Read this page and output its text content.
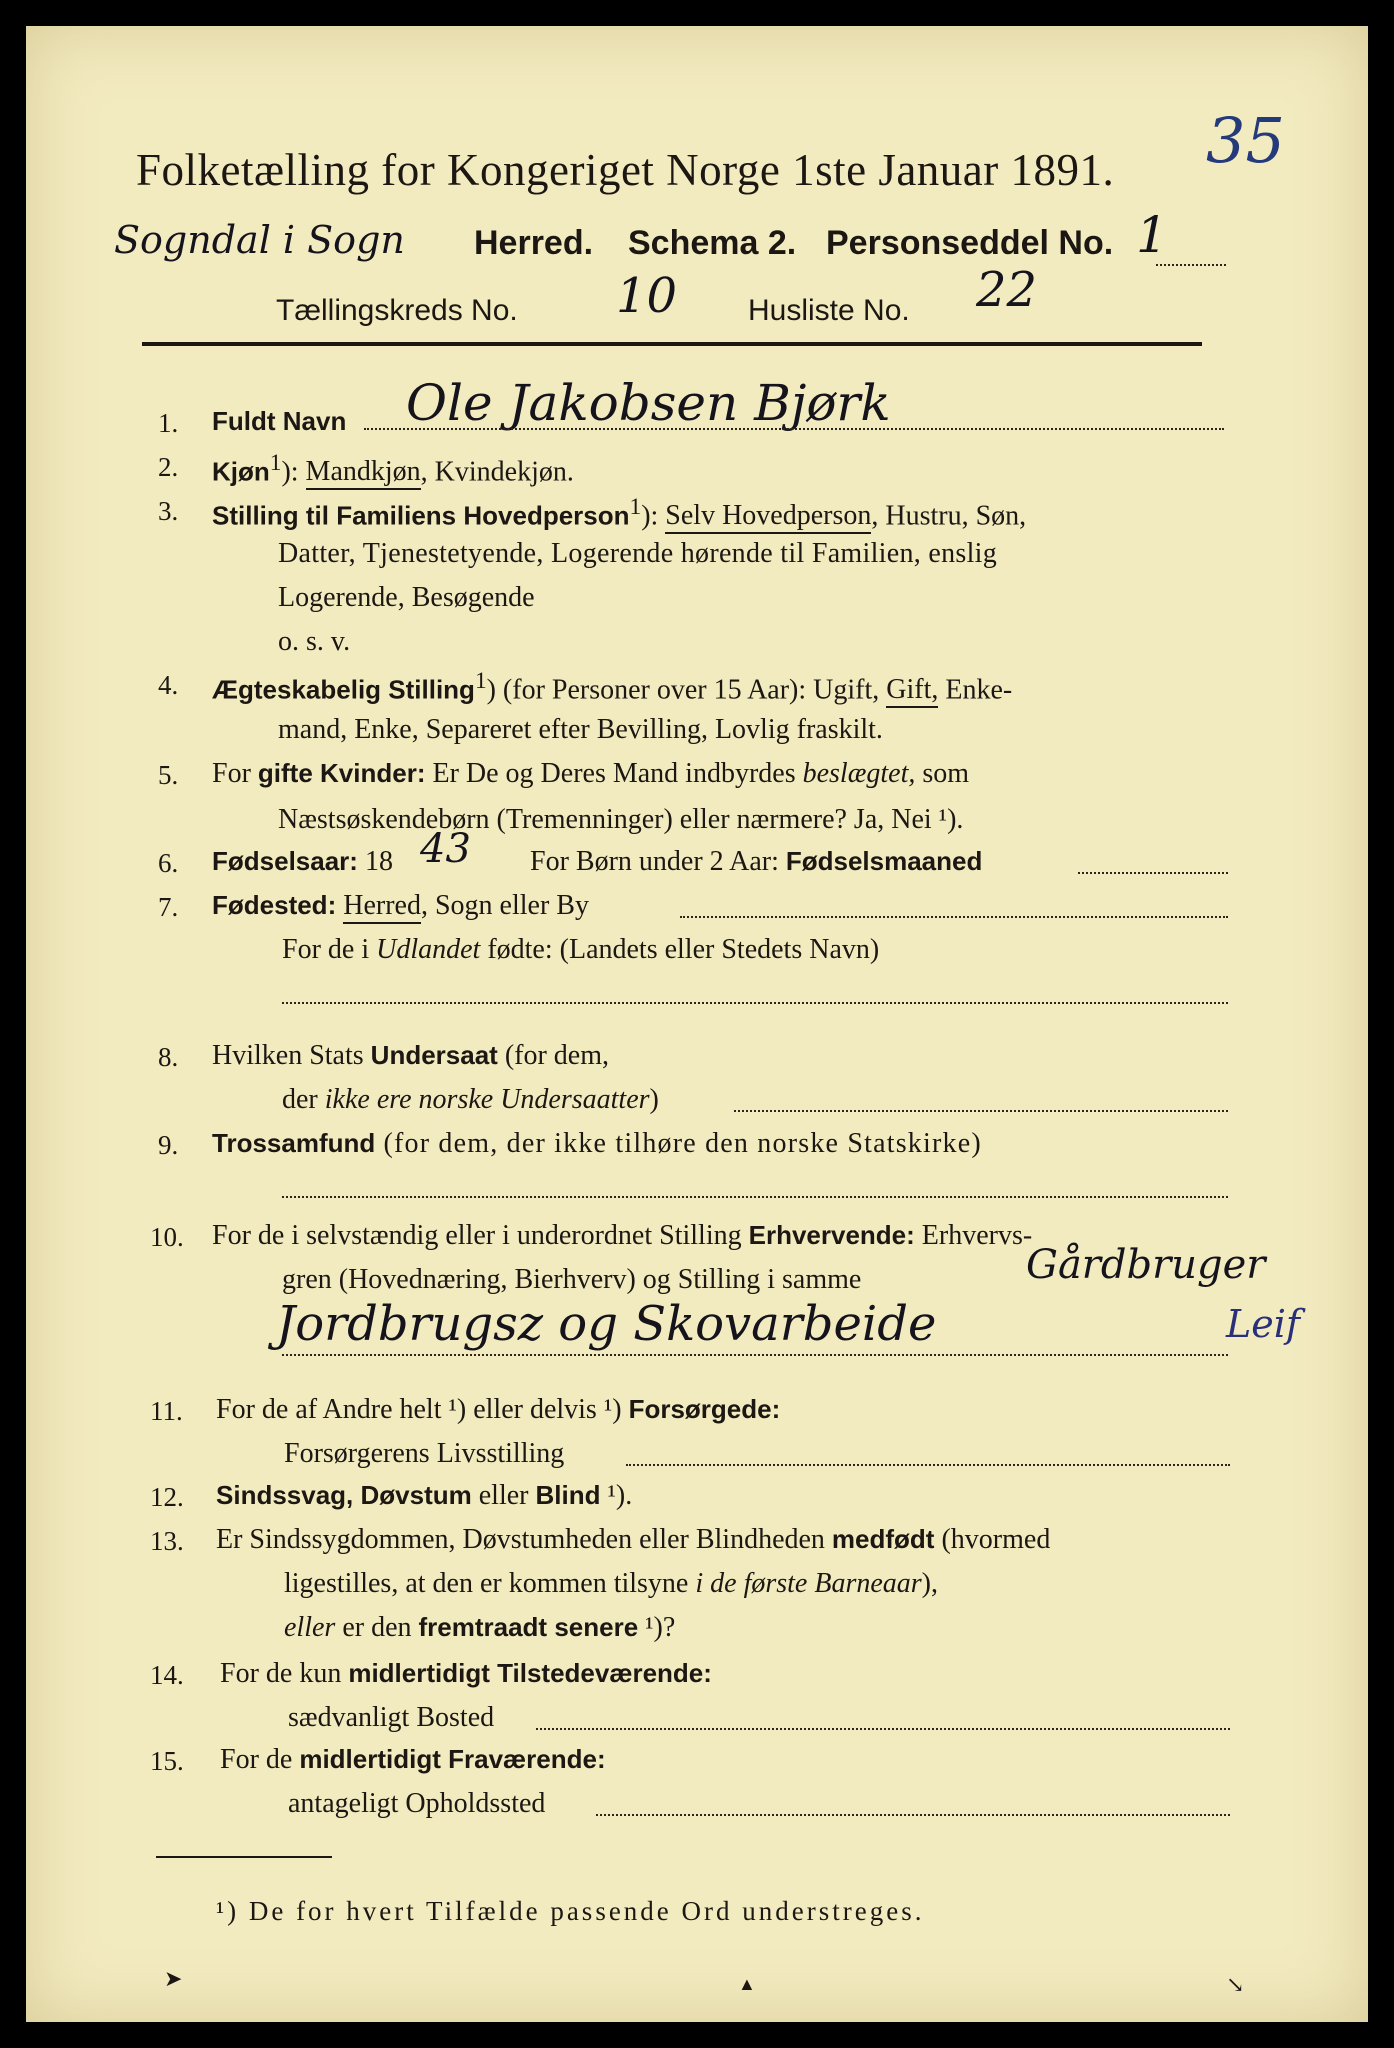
Folketælling for Kongeriget Norge 1ste Januar 1891. 35
Sogndal i Sogn Herred. Schema 2. Personseddel No. 1
Tællingskreds No. 10 Husliste No. 22
1. Fuldt Navn Ole Jakobsen Bjørk
2. Kjøn$^1$): Mandkjøn, Kvindekjøn.
3. Stilling til Familiens Hovedperson$^1$): Selv Hovedperson, Hustru, Søn,
Datter, Tjenestetyende, Logerende hørende til Familien, enslig
Logerende, Besøgende
o. s. v.
4. Ægteskabelig Stilling$^1$) (for Personer over 15 Aar): Ugift, Gift, Enke-
mand, Enke, Separeret efter Bevilling, Lovlig fraskilt.
5. For gifte Kvinder: Er De og Deres Mand indbyrdes beslægtet, som
Næstsøskendebørn (Tremenninger) eller nærmere? Ja, Nei ¹).
6. Fødselsaar: 18 43 For Børn under 2 Aar: Fødselsmaaned
7. Fødested: Herred, Sogn eller By
For de i Udlandet fødte: (Landets eller Stedets Navn)
8. Hvilken Stats Undersaat (for dem,
der ikke ere norske Undersaatter)
9. Trossamfund (for dem, der ikke tilhøre den norske Statskirke)
10. For de i selvstændig eller i underordnet Stilling Erhvervende: Erhvervs-
gren (Hovednæring, Bierhverv) og Stilling i samme	Gårdbruger
Jordbrugsz og Skovarbeide	Leif
11. For de af Andre helt ¹) eller delvis ¹) Forsørgede:
Forsørgerens Livsstilling
12. Sindssvag, Døvstum eller Blind ¹).
13. Er Sindssygdommen, Døvstumheden eller Blindheden medfødt (hvormed
ligestilles, at den er kommen tilsyne i de første Barneaar),
eller er den fremtraadt senere ¹)?
14. For de kun midlertidigt Tilstedeværende:
sædvanligt Bosted
15. For de midlertidigt Fraværende:
antageligt Opholdssted
¹) De for hvert Tilfælde passende Ord understreges.
➤	▲	↘
